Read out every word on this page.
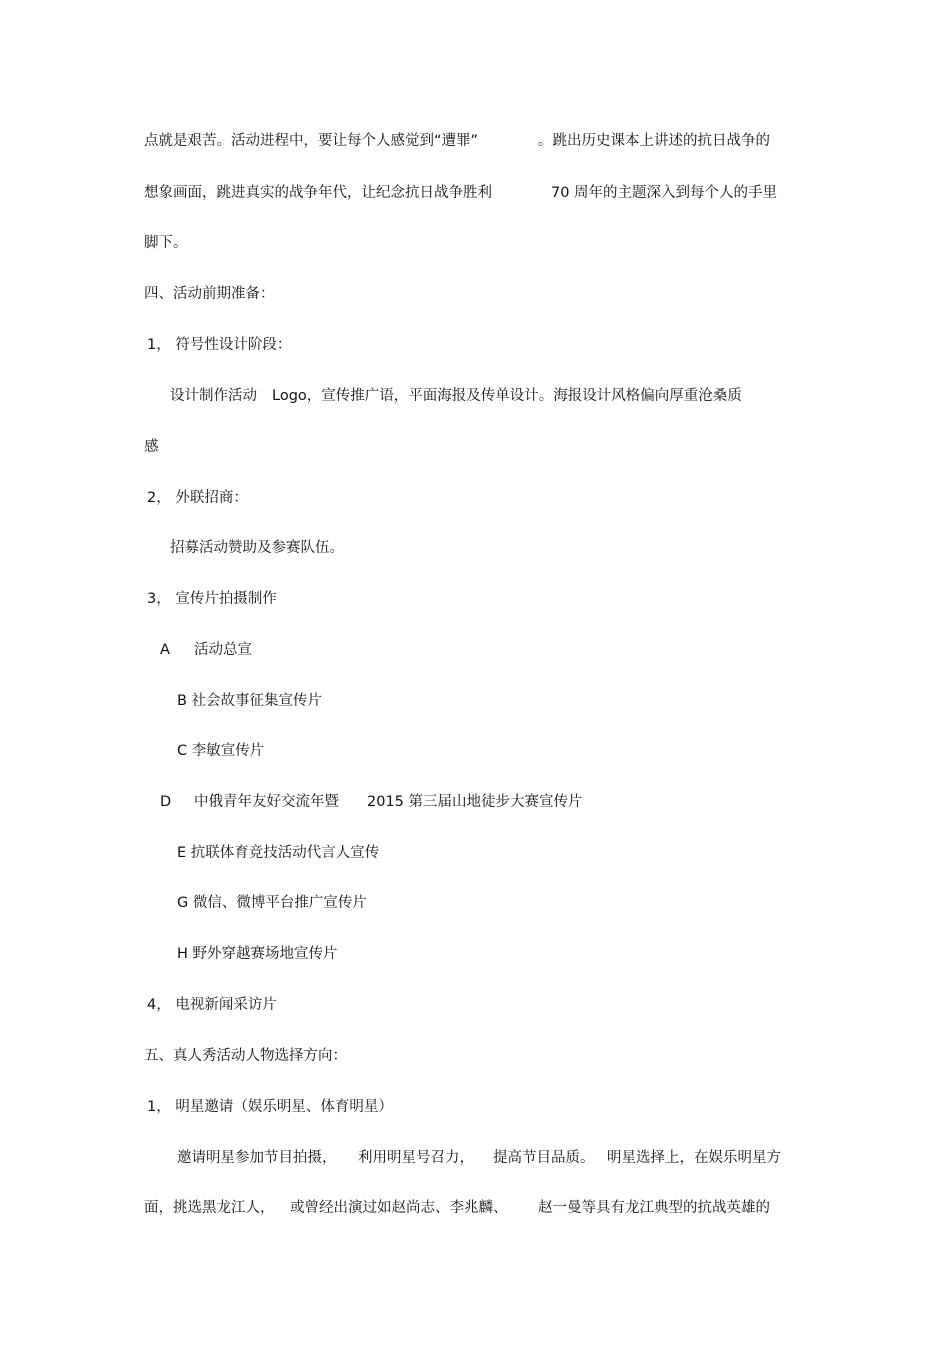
点就是艰苦。活动进程中，要让每个人感觉到“遭罪”	。跳出历史课本上讲述的抗日战争的
想象画面，跳进真实的战争年代，让纪念抗日战争胜利	70 周年的主题深入到每个人的手里
脚下。
四、活动前期准备：
1， 符号性设计阶段：
设计制作活动 Logo，宣传推广语，平面海报及传单设计。海报设计风格偏向厚重沧桑质
感
2， 外联招商：
招募活动赞助及参赛队伍。
3， 宣传片拍摄制作
A 活动总宣
B 社会故事征集宣传片
C 李敏宣传片
D 中俄青年友好交流年暨 2015 第三届山地徒步大赛宣传片
E 抗联体育竞技活动代言人宣传
G 微信、微博平台推广宣传片
H 野外穿越赛场地宣传片
4， 电视新闻采访片
五、真人秀活动人物选择方向：
1， 明星邀请（娱乐明星、体育明星）
邀请明星参加节目拍摄， 利用明星号召力， 提高节目品质。 明星选择上，在娱乐明星方
面，挑选黑龙江人， 或曾经出演过如赵尚志、李兆麟、 赵一曼等具有龙江典型的抗战英雄的
